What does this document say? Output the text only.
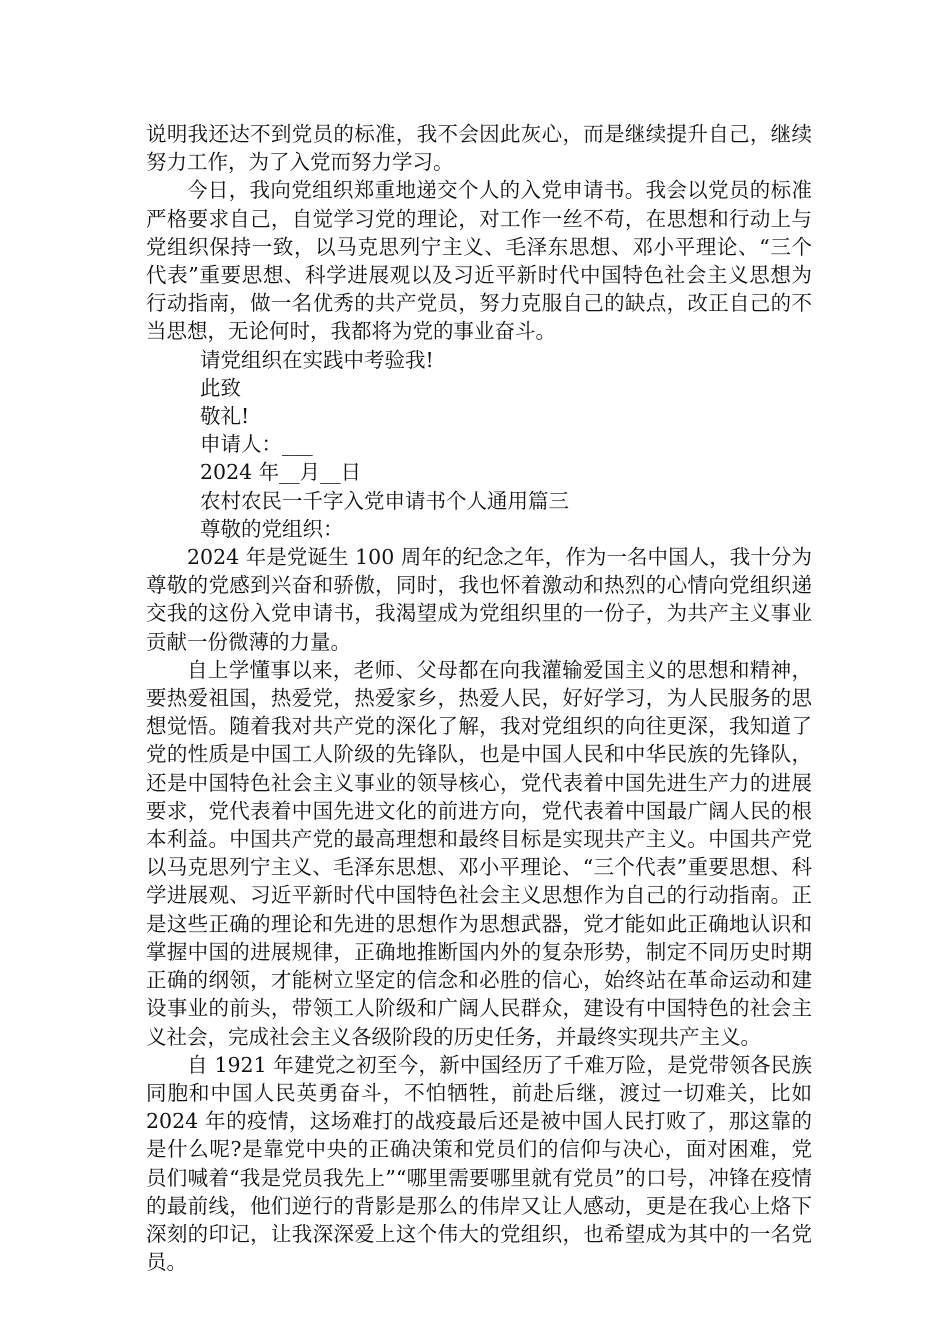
说明我还达不到党员的标准，我不会因此灰心，而是继续提升自己，继续努力工作，为了入党而努力学习。

今日，我向党组织郑重地递交个人的入党申请书。我会以党员的标准严格要求自己，自觉学习党的理论，对工作一丝不苟，在思想和行动上与党组织保持一致，以马克思列宁主义、毛泽东思想、邓小平理论、“三个代表”重要思想、科学进展观以及习近平新时代中国特色社会主义思想为行动指南，做一名优秀的共产党员，努力克服自己的缺点，改正自己的不当思想，无论何时，我都将为党的事业奋斗。

请党组织在实践中考验我!

此致

敬礼!

申请人：___

2024 年__月__日

农村农民一千字入党申请书个人通用篇三

尊敬的党组织：

2024 年是党诞生 100 周年的纪念之年，作为一名中国人，我十分为尊敬的党感到兴奋和骄傲，同时，我也怀着激动和热烈的心情向党组织递交我的这份入党申请书，我渴望成为党组织里的一份子，为共产主义事业贡献一份微薄的力量。

自上学懂事以来，老师、父母都在向我灌输爱国主义的思想和精神，要热爱祖国，热爱党，热爱家乡，热爱人民，好好学习，为人民服务的思想觉悟。随着我对共产党的深化了解，我对党组织的向往更深，我知道了党的性质是中国工人阶级的先锋队，也是中国人民和中华民族的先锋队，还是中国特色社会主义事业的领导核心，党代表着中国先进生产力的进展要求，党代表着中国先进文化的前进方向，党代表着中国最广阔人民的根本利益。中国共产党的最高理想和最终目标是实现共产主义。中国共产党以马克思列宁主义、毛泽东思想、邓小平理论、“三个代表”重要思想、科学进展观、习近平新时代中国特色社会主义思想作为自己的行动指南。正是这些正确的理论和先进的思想作为思想武器，党才能如此正确地认识和掌握中国的进展规律，正确地推断国内外的复杂形势，制定不同历史时期正确的纲领，才能树立坚定的信念和必胜的信心，始终站在革命运动和建设事业的前头，带领工人阶级和广阔人民群众，建设有中国特色的社会主义社会，完成社会主义各级阶段的历史任务，并最终实现共产主义。

自 1921 年建党之初至今，新中国经历了千难万险，是党带领各民族同胞和中国人民英勇奋斗，不怕牺牲，前赴后继，渡过一切难关，比如 2024 年的疫情，这场难打的战疫最后还是被中国人民打败了，那这靠的是什么呢?是靠党中央的正确决策和党员们的信仰与决心，面对困难，党员们喊着“我是党员我先上”“哪里需要哪里就有党员”的口号，冲锋在疫情的最前线，他们逆行的背影是那么的伟岸又让人感动，更是在我心上烙下深刻的印记，让我深深爱上这个伟大的党组织，也希望成为其中的一名党员。
